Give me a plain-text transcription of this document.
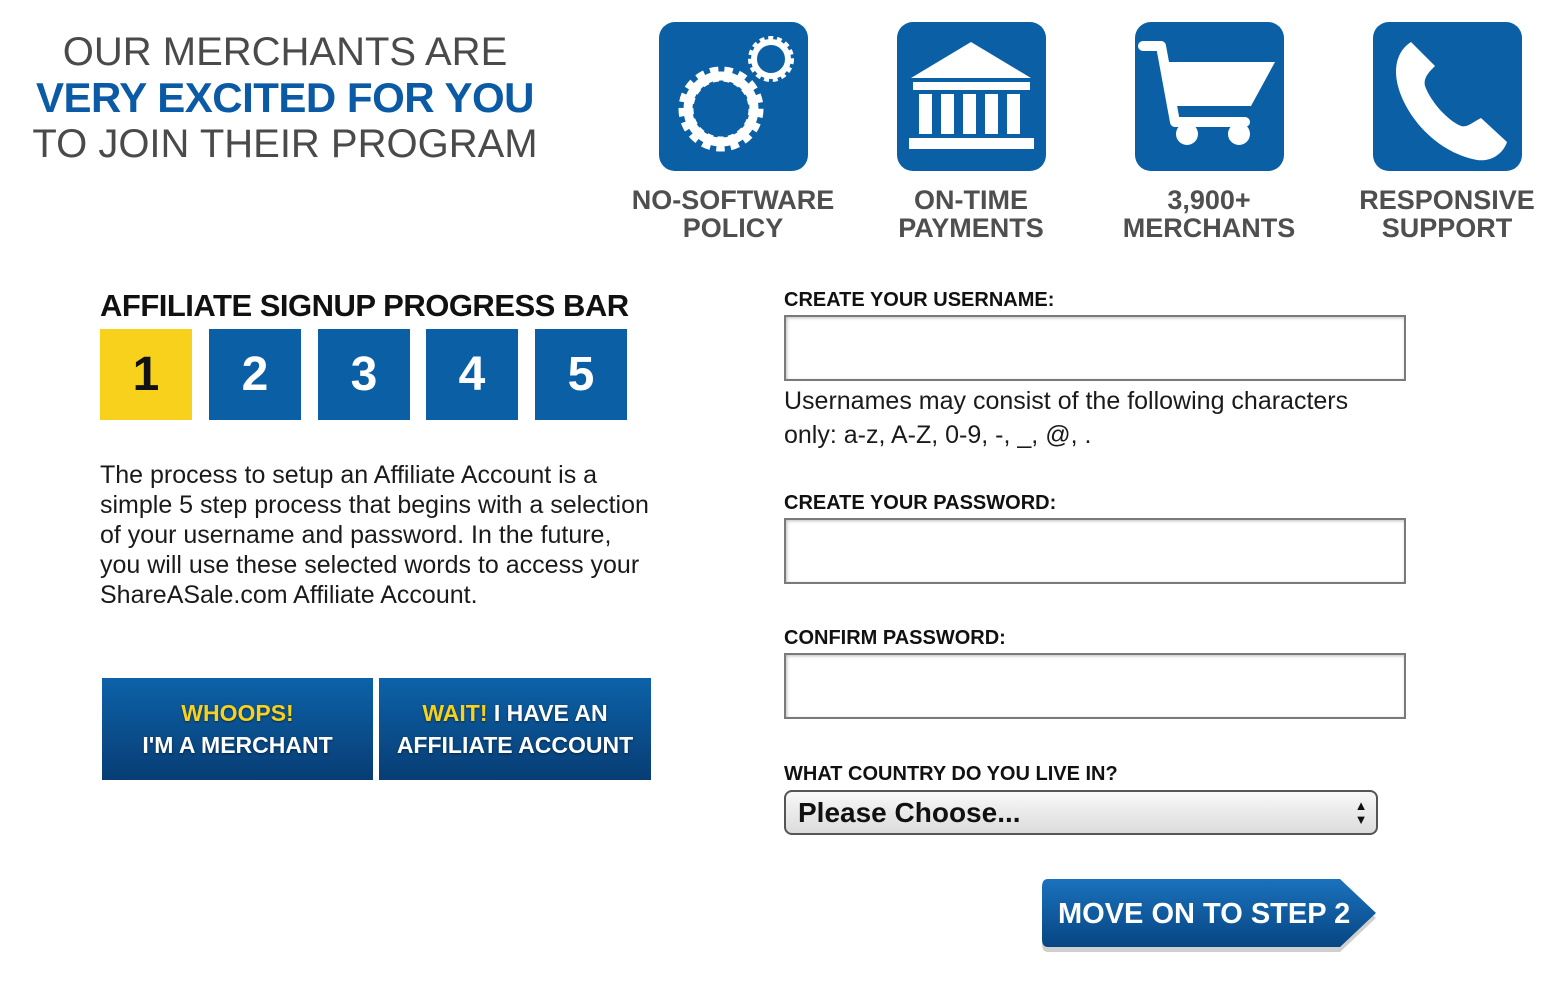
OUR MERCHANTS ARE
VERY EXCITED FOR YOU
TO JOIN THEIR PROGRAM
NO-SOFTWARE
POLICY
ON-TIME
PAYMENTS
3,900+
MERCHANTS
RESPONSIVE
SUPPORT
AFFILIATE SIGNUP PROGRESS BAR
1	2	3	4	5
The process to setup an Affiliate Account is a simple 5 step process that begins with a selection of your username and password. In the future, you will use these selected words to access your ShareASale.com Affiliate Account.
WHOOPS!
I'M A MERCHANT
WAIT! I HAVE AN
AFFILIATE ACCOUNT
CREATE YOUR USERNAME:
Usernames may consist of the following characters only: a-z, A-Z, 0-9, -, _, @, .
CREATE YOUR PASSWORD:
CONFIRM PASSWORD:
WHAT COUNTRY DO YOU LIVE IN?
Please Choose...	▲
▼
MOVE ON TO STEP 2
